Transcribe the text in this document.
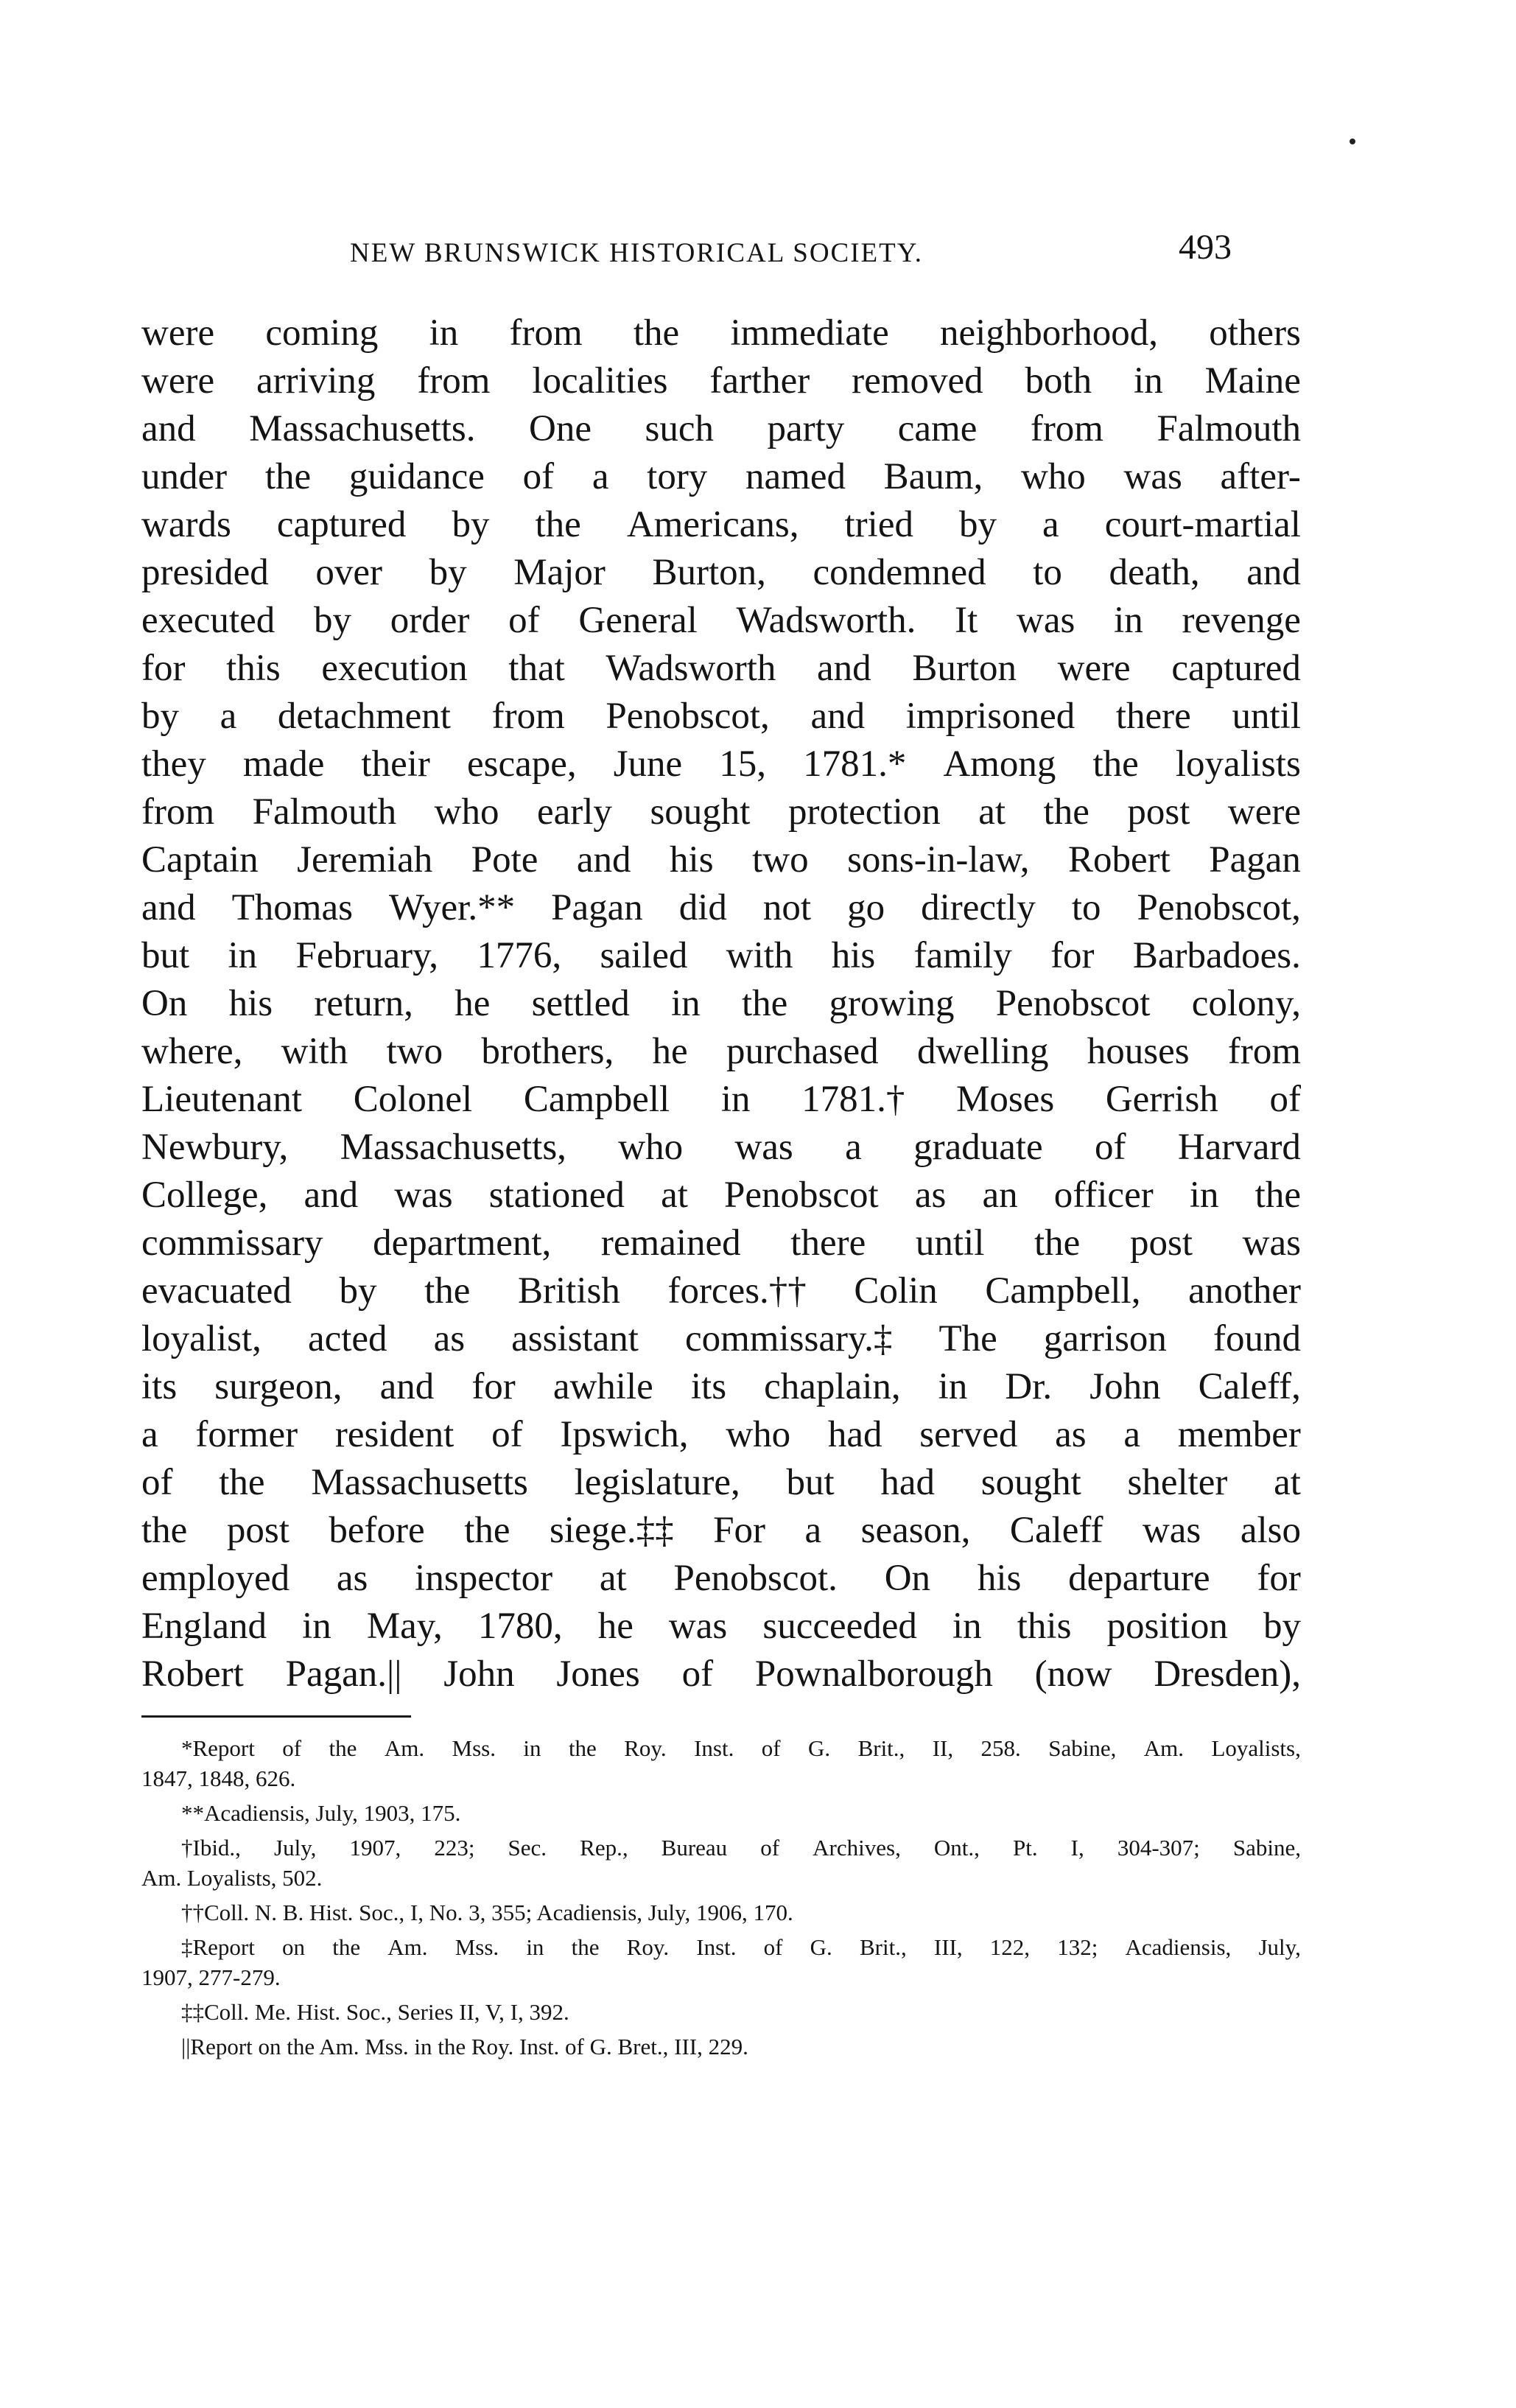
NEW BRUNSWICK HISTORICAL SOCIETY.	493
were coming in from the immediate neighborhood, others
were arriving from localities farther removed both in Maine
and Massachusetts. One such party came from Falmouth
under the guidance of a tory named Baum, who was after-
wards captured by the Americans, tried by a court-martial
presided over by Major Burton, condemned to death, and
executed by order of General Wadsworth. It was in revenge
for this execution that Wadsworth and Burton were captured
by a detachment from Penobscot, and imprisoned there until
they made their escape, June 15, 1781.* Among the loyalists
from Falmouth who early sought protection at the post were
Captain Jeremiah Pote and his two sons-in-law, Robert Pagan
and Thomas Wyer.** Pagan did not go directly to Penobscot,
but in February, 1776, sailed with his family for Barbadoes.
On his return, he settled in the growing Penobscot colony,
where, with two brothers, he purchased dwelling houses from
Lieutenant Colonel Campbell in 1781.† Moses Gerrish of
Newbury, Massachusetts, who was a graduate of Harvard
College, and was stationed at Penobscot as an officer in the
commissary department, remained there until the post was
evacuated by the British forces.†† Colin Campbell, another
loyalist, acted as assistant commissary.‡ The garrison found
its surgeon, and for awhile its chaplain, in Dr. John Caleff,
a former resident of Ipswich, who had served as a member
of the Massachusetts legislature, but had sought shelter at
the post before the siege.‡‡ For a season, Caleff was also
employed as inspector at Penobscot. On his departure for
England in May, 1780, he was succeeded in this position by
Robert Pagan.|| John Jones of Pownalborough (now Dresden),
*Report of the Am. Mss. in the Roy. Inst. of G. Brit., II, 258. Sabine, Am. Loyalists,
1847, 1848, 626.
**Acadiensis, July, 1903, 175.
†Ibid., July, 1907, 223; Sec. Rep., Bureau of Archives, Ont., Pt. I, 304-307; Sabine,
Am. Loyalists, 502.
††Coll. N. B. Hist. Soc., I, No. 3, 355; Acadiensis, July, 1906, 170.
‡Report on the Am. Mss. in the Roy. Inst. of G. Brit., III, 122, 132; Acadiensis, July,
1907, 277-279.
‡‡Coll. Me. Hist. Soc., Series II, V, I, 392.
||Report on the Am. Mss. in the Roy. Inst. of G. Bret., III, 229.
